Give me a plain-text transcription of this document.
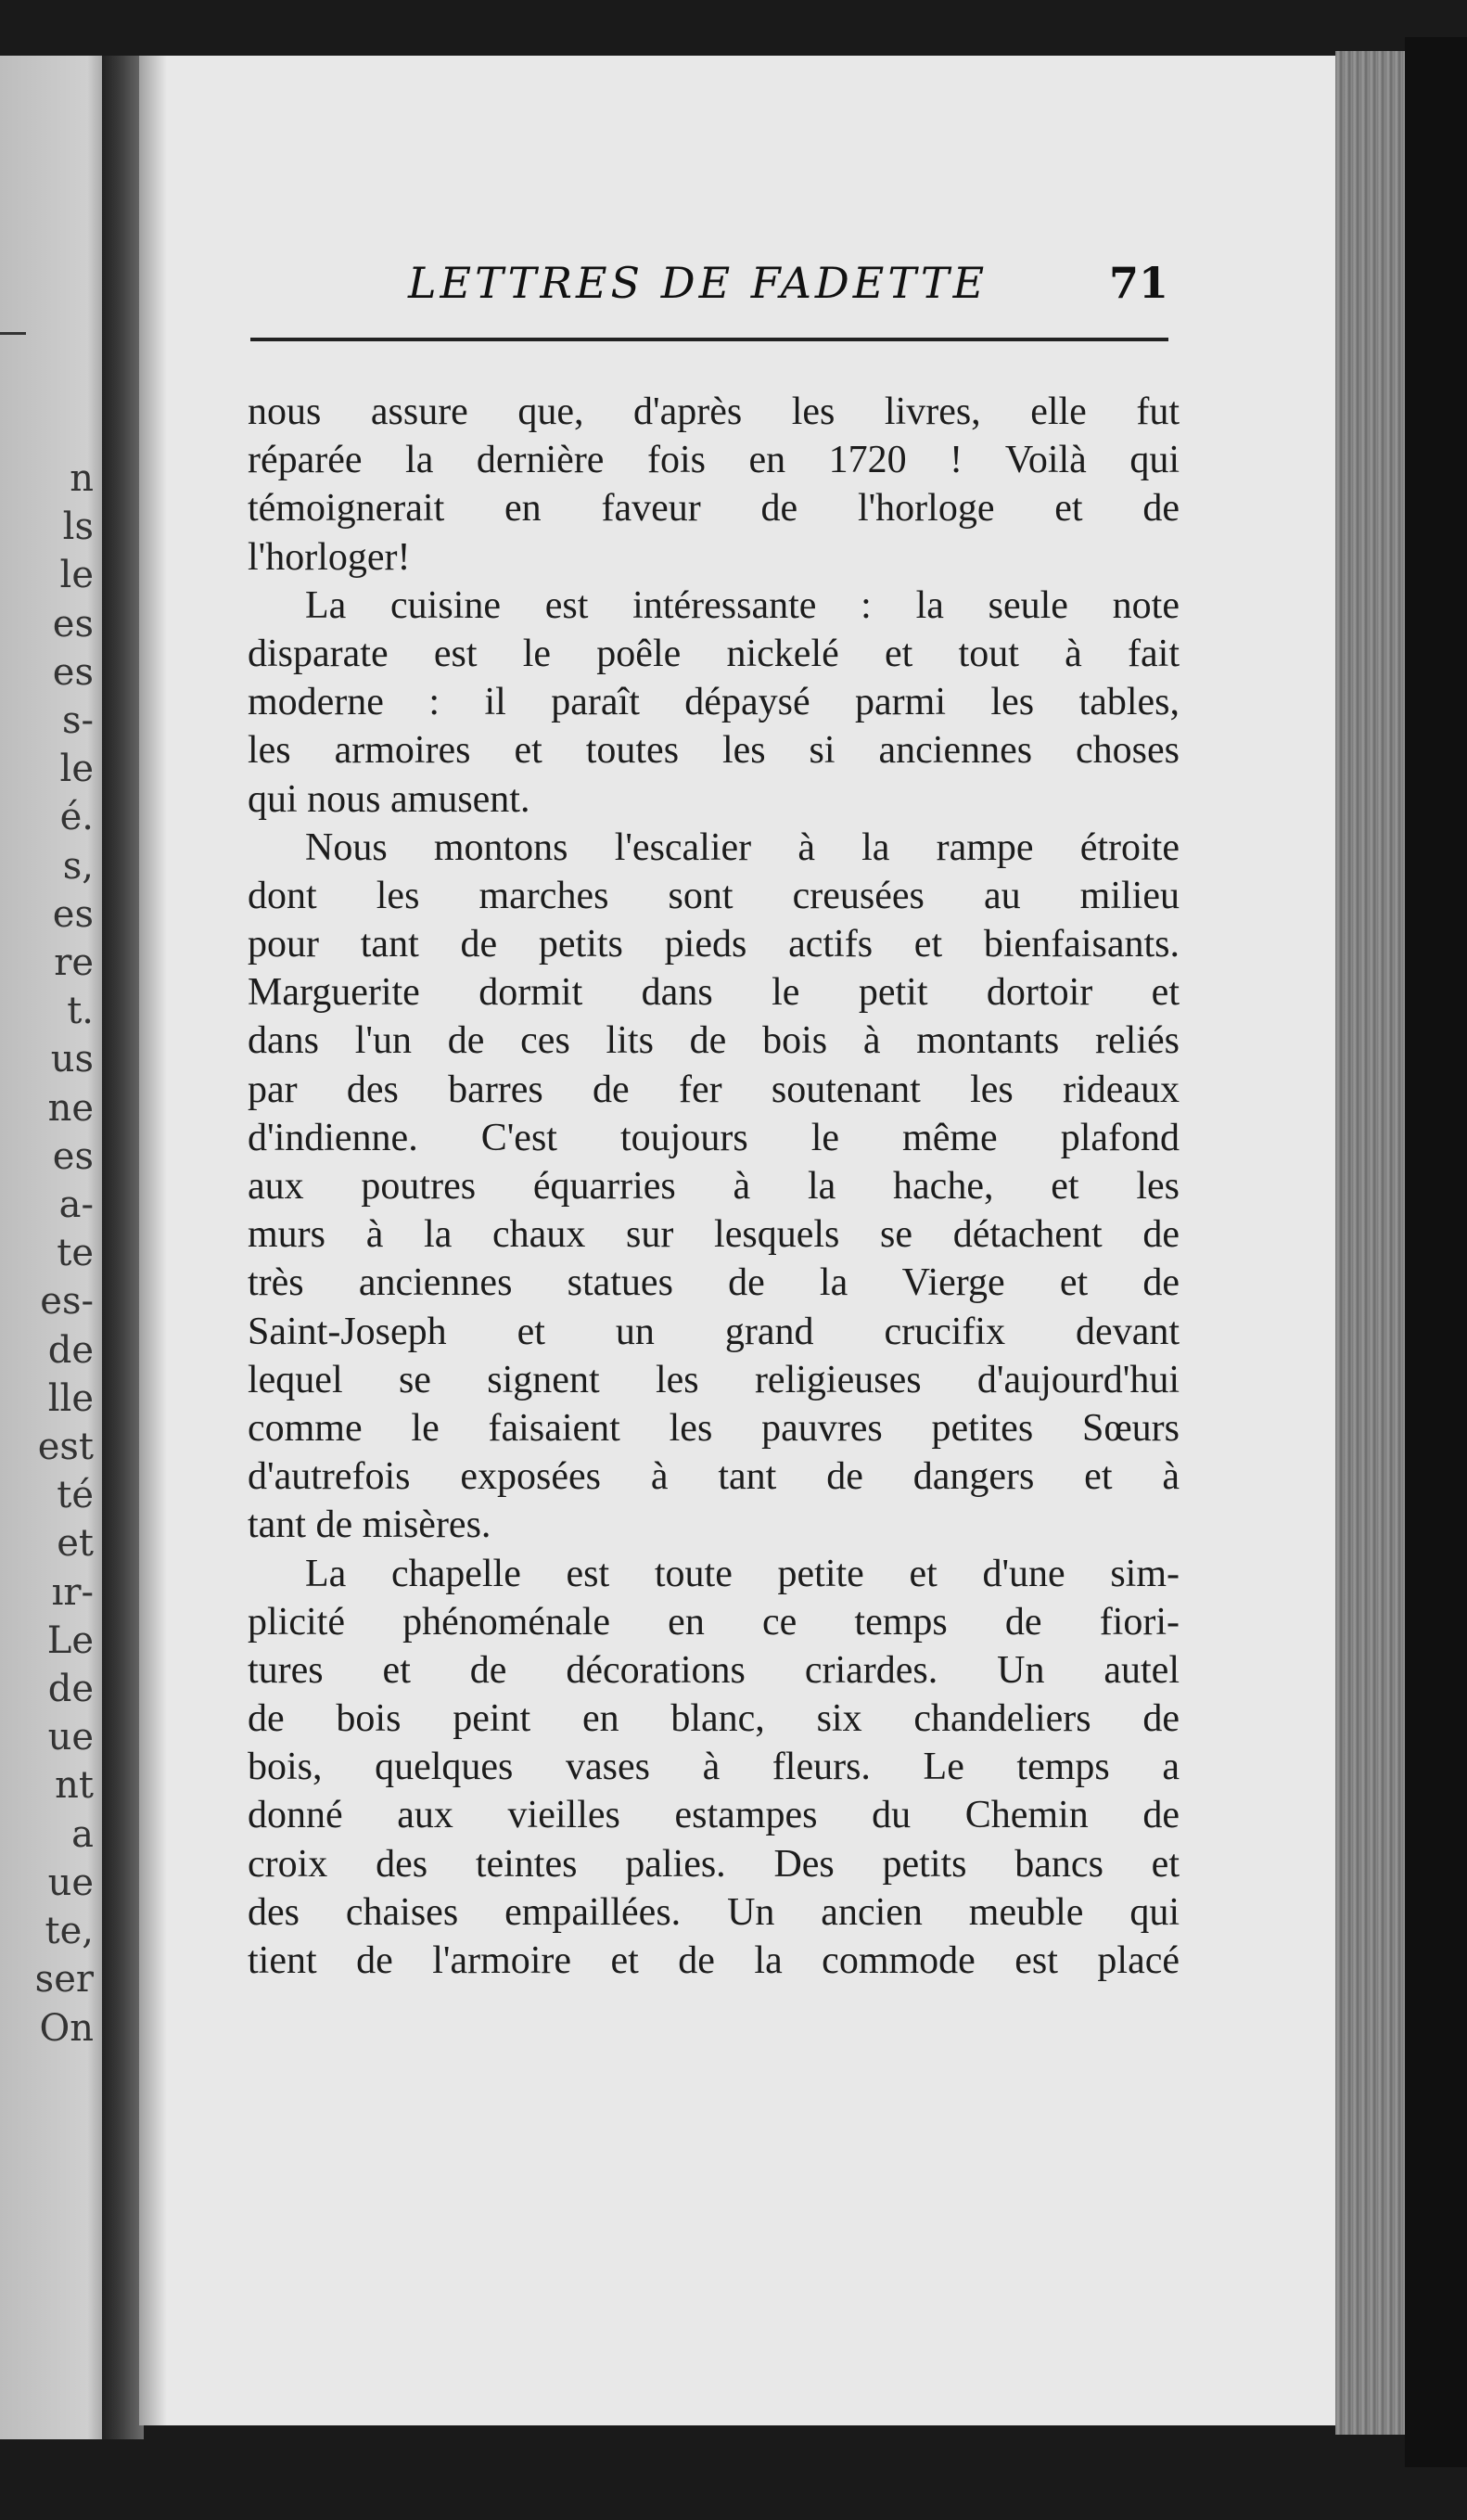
n
ls
le
es
es
s-
le
é.
s,
es
re
t.
us
ne
es
a-
te
es-
de
lle
est
té
et
ır-
Le
de
ue
nt
a
ue
te,
ser
On
LETTRES DE FADETTE	71
nous assure que, d'après les livres, elle fut
réparée la dernière fois en 1720 ! Voilà qui
témoignerait en faveur de l'horloge et de
l'horloger!
La cuisine est intéressante : la seule note
disparate est le poêle nickelé et tout à fait
moderne : il paraît dépaysé parmi les tables,
les armoires et toutes les si anciennes choses
qui nous amusent.
Nous montons l'escalier à la rampe étroite
dont les marches sont creusées au milieu
pour tant de petits pieds actifs et bienfaisants.
Marguerite dormit dans le petit dortoir et
dans l'un de ces lits de bois à montants reliés
par des barres de fer soutenant les rideaux
d'indienne. C'est toujours le même plafond
aux poutres équarries à la hache, et les
murs à la chaux sur lesquels se détachent de
très anciennes statues de la Vierge et de
Saint-Joseph et un grand crucifix devant
lequel se signent les religieuses d'aujourd'hui
comme le faisaient les pauvres petites Sœurs
d'autrefois exposées à tant de dangers et à
tant de misères.
La chapelle est toute petite et d'une sim-
plicité phénoménale en ce temps de fiori-
tures et de décorations criardes. Un autel
de bois peint en blanc, six chandeliers de
bois, quelques vases à fleurs. Le temps a
donné aux vieilles estampes du Chemin de
croix des teintes palies. Des petits bancs et
des chaises empaillées. Un ancien meuble qui
tient de l'armoire et de la commode est placé
